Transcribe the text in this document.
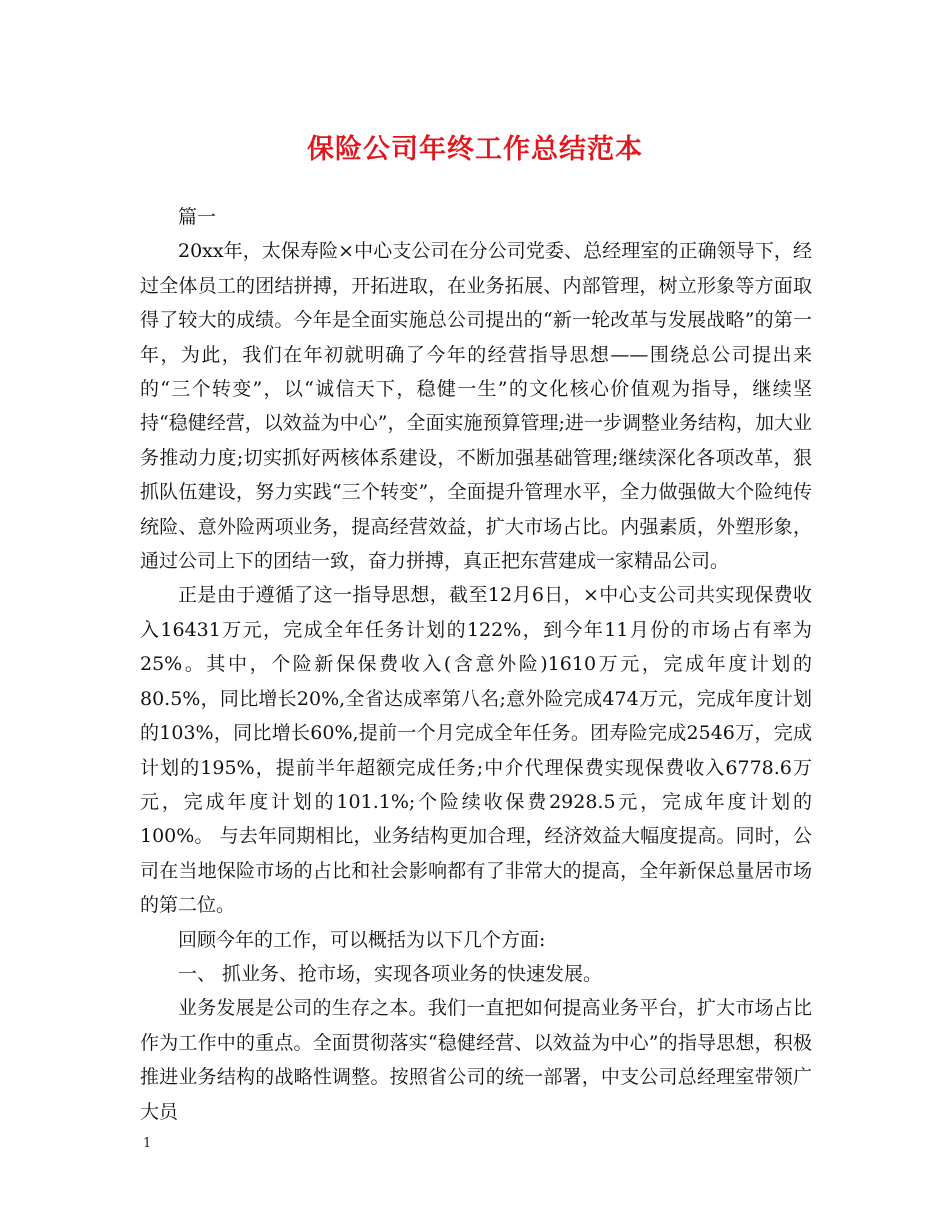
保险公司年终工作总结范本

篇一

20xx年，太保寿险×中心支公司在分公司党委、总经理室的正确领导下，经过全体员工的团结拼搏，开拓进取，在业务拓展、内部管理，树立形象等方面取得了较大的成绩。今年是全面实施总公司提出的“新一轮改革与发展战略”的第一年，为此，我们在年初就明确了今年的经营指导思想——围绕总公司提出来的“三个转变”，以“诚信天下，稳健一生”的文化核心价值观为指导，继续坚持“稳健经营，以效益为中心”，全面实施预算管理;进一步调整业务结构，加大业务推动力度;切实抓好两核体系建设，不断加强基础管理;继续深化各项改革，狠抓队伍建设，努力实践“三个转变”，全面提升管理水平，全力做强做大个险纯传统险、意外险两项业务，提高经营效益，扩大市场占比。内强素质，外塑形象，通过公司上下的团结一致，奋力拼搏，真正把东营建成一家精品公司。

正是由于遵循了这一指导思想，截至12月6日，×中心支公司共实现保费收入16431万元，完成全年任务计划的122%，到今年11月份的市场占有率为 25%。其中，个险新保保费收入(含意外险)1610万元，完成年度计划的80.5%，同比增长20%,全省达成率第八名;意外险完成474万元，完成年度计划的103%，同比增长60%,提前一个月完成全年任务。团寿险完成2546万，完成计划的195%，提前半年超额完成任务;中介代理保费实现保费收入6778.6万元，完成年度计划的101.1%;个险续收保费2928.5元，完成年度计划的100%。 与去年同期相比，业务结构更加合理，经济效益大幅度提高。同时，公司在当地保险市场的占比和社会影响都有了非常大的提高，全年新保总量居市场的第二位。

回顾今年的工作，可以概括为以下几个方面:

一、 抓业务、抢市场，实现各项业务的快速发展。

业务发展是公司的生存之本。我们一直把如何提高业务平台，扩大市场占比作为工作中的重点。全面贯彻落实“稳健经营、以效益为中心”的指导思想，积极推进业务结构的战略性调整。按照省公司的统一部署，中支公司总经理室带领广大员

1
